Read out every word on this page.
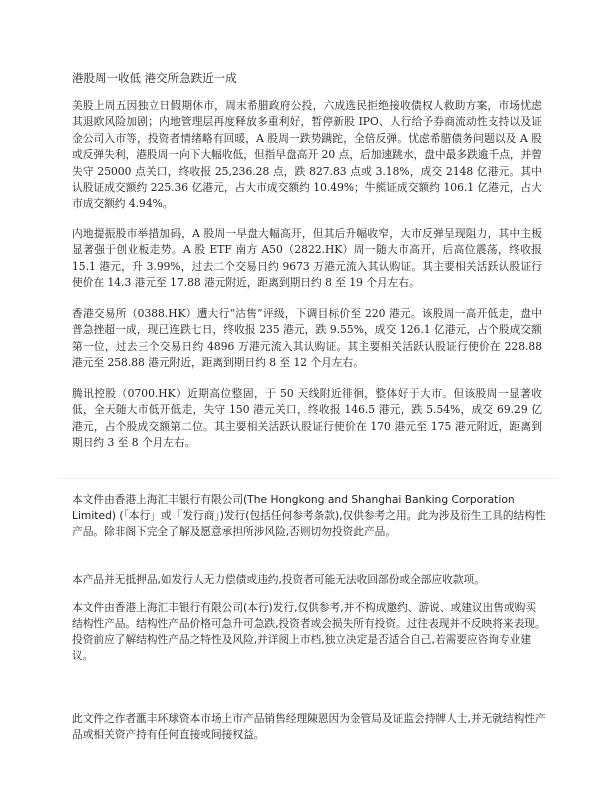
港股周一收低 港交所急跌近一成
美股上周五因独立日假期休市，周末希腊政府公投，六成选民拒绝接收债权人救助方案，市场忧虑其退欧风险加剧；内地管理层再度释放多重利好，暂停新股 IPO、人行给予券商流动性支持以及证金公司入市等，投资者情绪略有回暖，A 股周一跌势蹒跎，全倍反弹。忧虑希腊债务问题以及 A 股或反弹失利，港股周一向下大幅收低，但指早盘高开 20 点，后加速跳水，盘中最多跌逾千点，并曾失守 25000 点关口，终收报 25,236.28 点，跌 827.83 点或 3.18%，成交 2148 亿港元。其中认股证成交额约 225.36 亿港元，占大市成交额约 10.49%；牛熊证成交额约 106.1 亿港元，占大市成交额约 4.94%。
内地提振股市举措加码，A 股周一早盘大幅高开，但其后升幅收窄，大市反弹呈现阻力，其中主板显著强于创业板走势。A 股 ETF 南方 A50（2822.HK）周一随大市高开，后高位震荡，终收报 15.1 港元，升 3.99%，过去二个交易日约 9673 万港元流入其认购证。其主要相关活跃认股证行使价在 14.3 港元至 17.88 港元附近，距离到期日约 8 至 19 个月左右。
香港交易所（0388.HK）遭大行“沽售”评级，下调目标价至 220 港元。该股周一高开低走，盘中普急挫超一成，现已连跌七日，终收报 235 港元，跌 9.55%，成交 126.1 亿港元，占个股成交额第一位，过去三个交易日约 4896 万港元流入其认购证。其主要相关活跃认股证行使价在 228.88 港元至 258.88 港元附近，距离到期日约 8 至 12 个月左右。
腾讯控股（0700.HK）近期高位整固，于 50 天线附近徘徊，整体好于大市。但该股周一显著收低，全天随大市低开低走，失守 150 港元关口，终收报 146.5 港元，跌 5.54%，成交 69.29 亿港元，占个股成交额第二位。其主要相关活跃认股证行使价在 170 港元至 175 港元附近，距离到期日约 3 至 8 个月左右。
本文件由香港上海汇丰银行有限公司(The Hongkong and Shanghai Banking Corporation Limited) (「本行」或「发行商」)发行(包括任何参考条款),仅供参考之用。此为涉及衍生工具的结构性产品。除非阁下完全了解及愿意承担所涉风险,否则切勿投资此产品。
本产品并无抵押品,如发行人无力偿债或违约,投资者可能无法收回部份或全部应收款项。
本文件由香港上海汇丰银行有限公司(本行)发行,仅供参考,并不构成邀约、游说、或建议出售或购买结构性产品。结构性产品价格可急升可急跌,投资者或会损失所有投资。过往表现并不反映将来表现。投资前应了解结构性产品之特性及风险,并详阅上市档,独立决定是否适合自己,若需要应咨询专业建议。
此文件之作者滙丰环球资本市场上市产品销售经理陳恩因为金管局及证监会持牌人士,并无就结构性产品或相关资产持有任何直接或间接权益。
